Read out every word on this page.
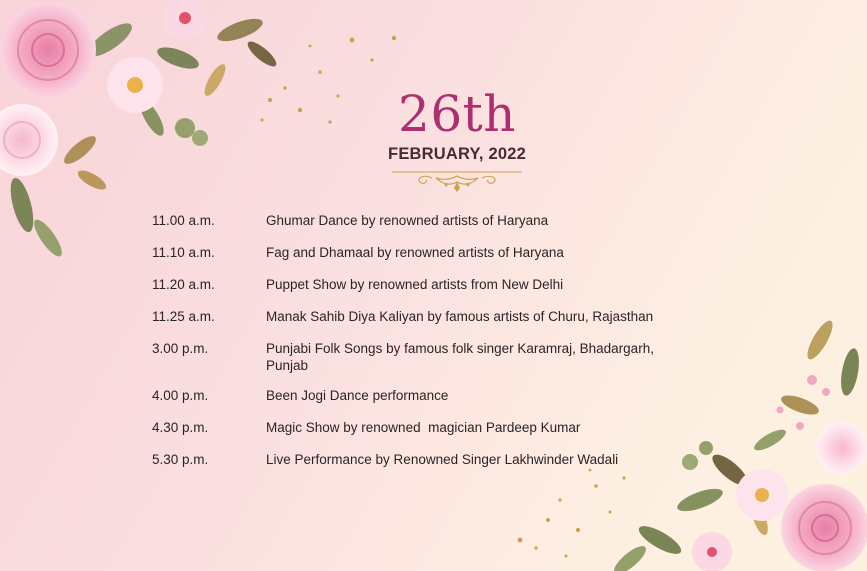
26th
FEBRUARY, 2022
11.00 a.m.	Ghumar Dance by renowned artists of Haryana
11.10 a.m.	Fag and Dhamaal by renowned artists of Haryana
11.20 a.m.	Puppet Show by renowned artists from New Delhi
11.25 a.m.	Manak Sahib Diya Kaliyan by famous artists of Churu, Rajasthan
3.00 p.m.	Punjabi Folk Songs by famous folk singer Karamraj, Bhadargarh, Punjab
4.00 p.m.	Been Jogi Dance performance
4.30 p.m.	Magic Show by renowned  magician Pardeep Kumar
5.30 p.m.	Live Performance by Renowned Singer Lakhwinder Wadali
